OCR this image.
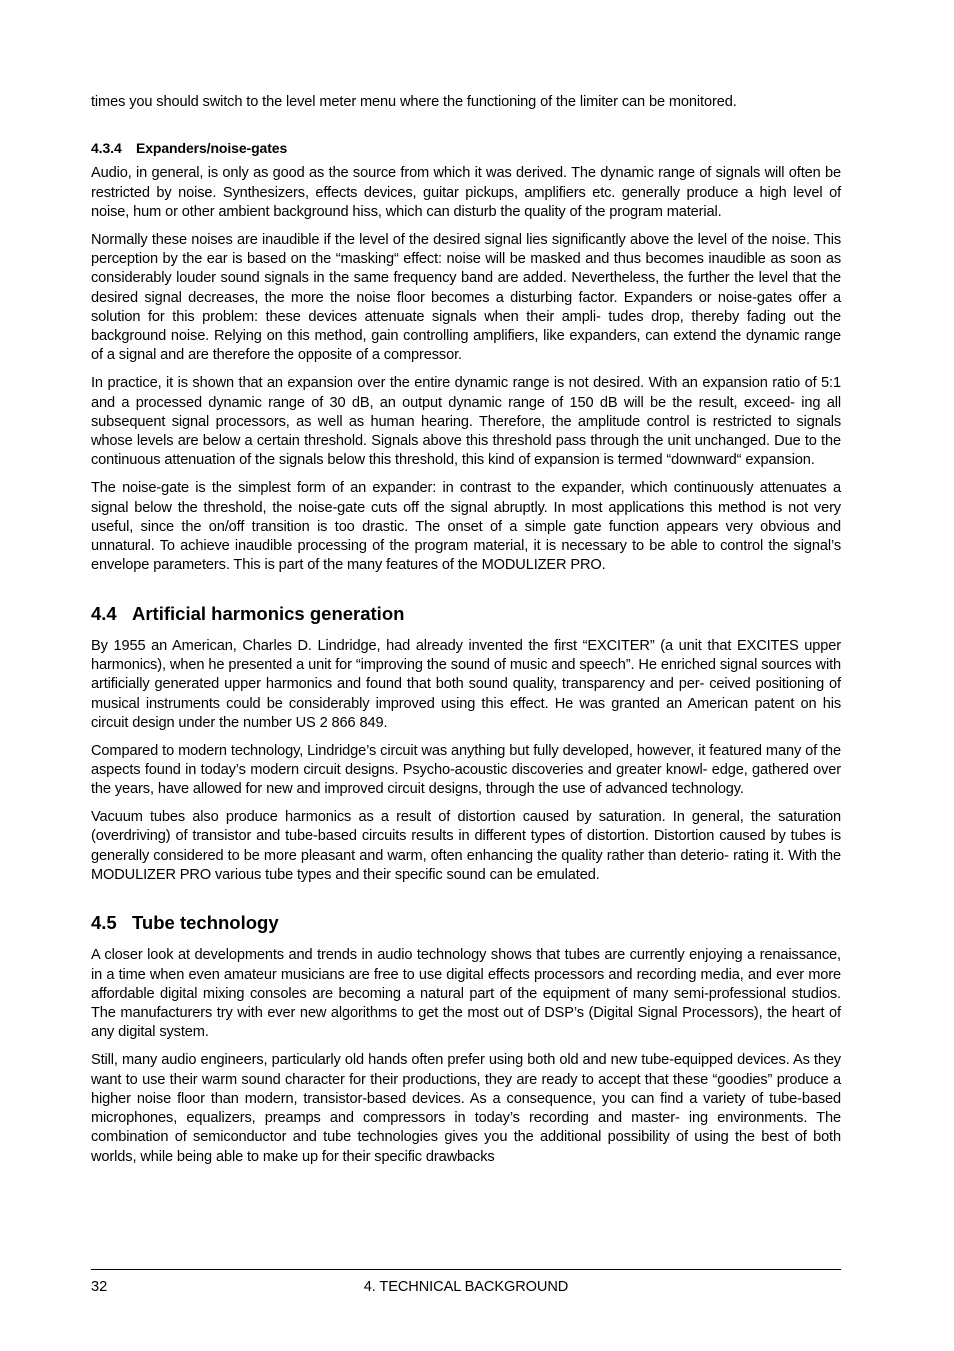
times you should switch to the level meter menu where the functioning of the limiter can be monitored.

4.3.4 Expanders/noise-gates

Audio, in general, is only as good as the source from which it was derived. The dynamic range of signals will often be restricted by noise. Synthesizers, effects devices, guitar pickups, amplifiers etc. generally produce a high level of noise, hum or other ambient background hiss, which can disturb the quality of the program material.

Normally these noises are inaudible if the level of the desired signal lies significantly above the level of the noise. This perception by the ear is based on the “masking“ effect: noise will be masked and thus becomes inaudible as soon as considerably louder sound signals in the same frequency band are added. Nevertheless, the further the level that the desired signal decreases, the more the noise floor becomes a disturbing factor. Expanders or noise-gates offer a solution for this problem: these devices attenuate signals when their ampli- tudes drop, thereby fading out the background noise. Relying on this method, gain controlling amplifiers, like expanders, can extend the dynamic range of a signal and are therefore the opposite of a compressor.

In practice, it is shown that an expansion over the entire dynamic range is not desired. With an expansion ratio of 5:1 and a processed dynamic range of 30 dB, an output dynamic range of 150 dB will be the result, exceed- ing all subsequent signal processors, as well as human hearing. Therefore, the amplitude control is restricted to signals whose levels are below a certain threshold. Signals above this threshold pass through the unit unchanged. Due to the continuous attenuation of the signals below this threshold, this kind of expansion is termed “downward“ expansion.

The noise-gate is the simplest form of an expander: in contrast to the expander, which continuously attenuates a signal below the threshold, the noise-gate cuts off the signal abruptly. In most applications this method is not very useful, since the on/off transition is too drastic. The onset of a simple gate function appears very obvious and unnatural. To achieve inaudible processing of the program material, it is necessary to be able to control the signal’s envelope parameters. This is part of the many features of the MODULIZER PRO.

4.4 Artificial harmonics generation

By 1955 an American, Charles D. Lindridge, had already invented the first “EXCITER” (a unit that EXCITES upper harmonics), when he presented a unit for “improving the sound of music and speech”. He enriched signal sources with artificially generated upper harmonics and found that both sound quality, transparency and per- ceived positioning of musical instruments could be considerably improved using this effect. He was granted an American patent on his circuit design under the number US 2 866 849.

Compared to modern technology, Lindridge’s circuit was anything but fully developed, however, it featured many of the aspects found in today’s modern circuit designs. Psycho-acoustic discoveries and greater knowl- edge, gathered over the years, have allowed for new and improved circuit designs, through the use of advanced technology.

Vacuum tubes also produce harmonics as a result of distortion caused by saturation. In general, the saturation (overdriving) of transistor and tube-based circuits results in different types of distortion. Distortion caused by tubes is generally considered to be more pleasant and warm, often enhancing the quality rather than deterio- rating it. With the MODULIZER PRO various tube types and their specific sound can be emulated.

4.5 Tube technology

A closer look at developments and trends in audio technology shows that tubes are currently enjoying a renaissance, in a time when even amateur musicians are free to use digital effects processors and recording media, and ever more affordable digital mixing consoles are becoming a natural part of the equipment of many semi-professional studios. The manufacturers try with ever new algorithms to get the most out of DSP’s (Digital Signal Processors), the heart of any digital system.

Still, many audio engineers, particularly old hands often prefer using both old and new tube-equipped devices. As they want to use their warm sound character for their productions, they are ready to accept that these “goodies” produce a higher noise floor than modern, transistor-based devices. As a consequence, you can find a variety of tube-based microphones, equalizers, preamps and compressors in today’s recording and master- ing environments. The combination of semiconductor and tube technologies gives you the additional possibility of using the best of both worlds, while being able to make up for their specific drawbacks

32	4. TECHNICAL BACKGROUND
